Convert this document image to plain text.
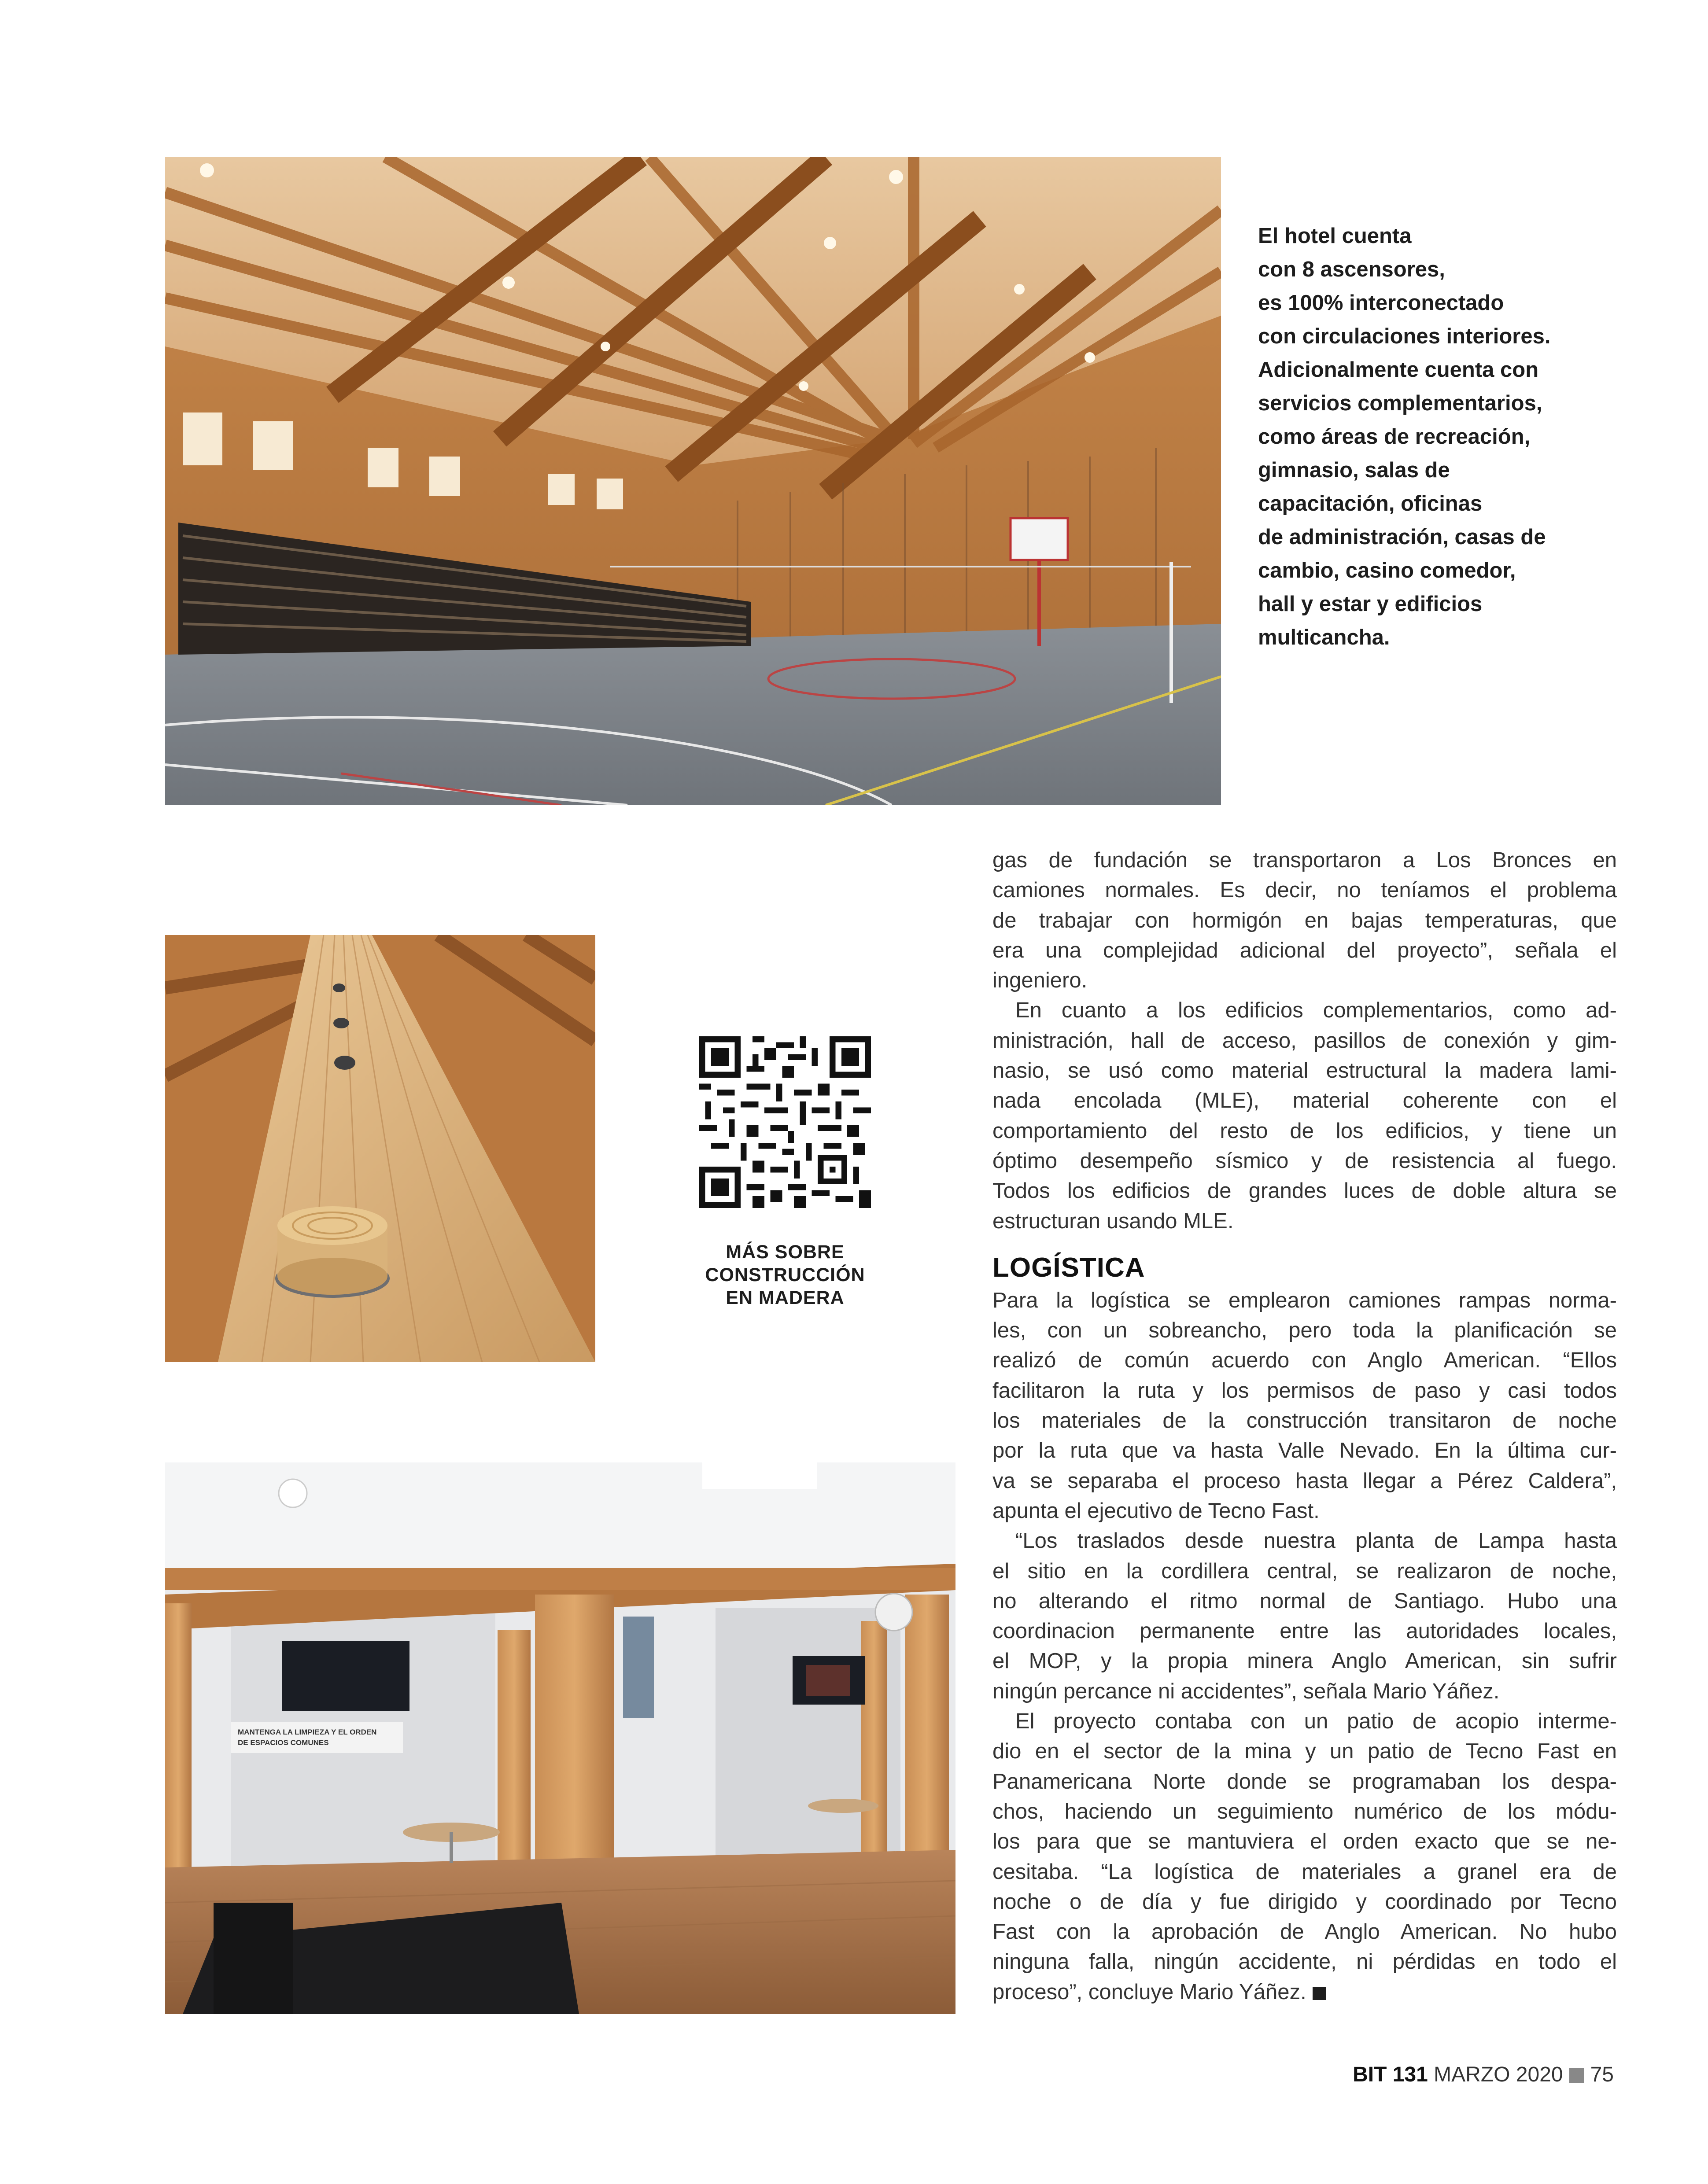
El hotel cuenta
con 8 ascensores,
es 100% interconectado
con circulaciones interiores.
Adicionalmente cuenta con
servicios complementarios,
como áreas de recreación,
gimnasio, salas de
capacitación, oficinas
de administración, casas de
cambio, casino comedor,
hall y estar y edificios
multicancha.
MÁS SOBRE
CONSTRUCCIÓN
EN MADERA
MANTENGA LA LIMPIEZA Y EL ORDEN
DE ESPACIOS COMUNES
gas de fundación se transportaron a Los Bronces en
camiones normales. Es decir, no teníamos el problema
de trabajar con hormigón en bajas temperaturas, que
era una complejidad adicional del proyecto”, señala el
ingeniero.
En cuanto a los edificios complementarios, como ad-
ministración, hall de acceso, pasillos de conexión y gim-
nasio, se usó como material estructural la madera lami-
nada encolada (MLE), material coherente con el
comportamiento del resto de los edificios, y tiene un
óptimo desempeño sísmico y de resistencia al fuego.
Todos los edificios de grandes luces de doble altura se
estructuran usando MLE.
LOGÍSTICA
Para la logística se emplearon camiones rampas norma-
les, con un sobreancho, pero toda la planificación se
realizó de común acuerdo con Anglo American. “Ellos
facilitaron la ruta y los permisos de paso y casi todos
los materiales de la construcción transitaron de noche
por la ruta que va hasta Valle Nevado. En la última cur-
va se separaba el proceso hasta llegar a Pérez Caldera”,
apunta el ejecutivo de Tecno Fast.
“Los traslados desde nuestra planta de Lampa hasta
el sitio en la cordillera central, se realizaron de noche,
no alterando el ritmo normal de Santiago. Hubo una
coordinacion permanente entre las autoridades locales,
el MOP, y la propia minera Anglo American, sin sufrir
ningún percance ni accidentes”, señala Mario Yáñez.
El proyecto contaba con un patio de acopio interme-
dio en el sector de la mina y un patio de Tecno Fast en
Panamericana Norte donde se programaban los despa-
chos, haciendo un seguimiento numérico de los módu-
los para que se mantuviera el orden exacto que se ne-
cesitaba. “La logística de materiales a granel era de
noche o de día y fue dirigido y coordinado por Tecno
Fast con la aprobación de Anglo American. No hubo
ninguna falla, ningún accidente, ni pérdidas en todo el
proceso”, concluye Mario Yáñez.
BIT 131 MARZO 2020 75
